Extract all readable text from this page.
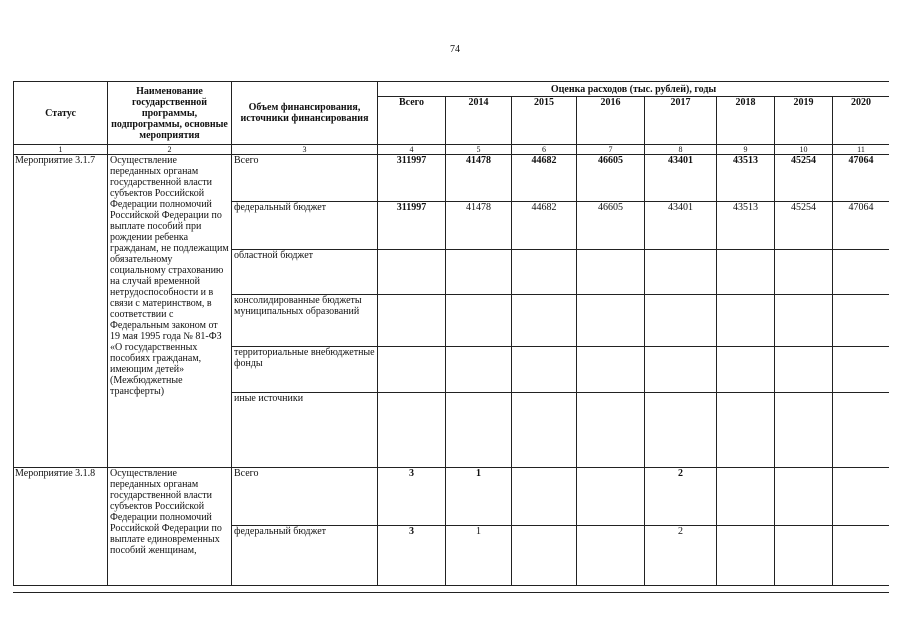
74
Статус	Наименование государственной программы, подпрограммы, основные мероприятия	Объем финансирования, источники финансирования	Оценка расходов (тыс. рублей), годы							
			Всего	2014	2015	2016	2017	2018	2019	2020
1	2	3	4	5	6	7	8	9	10	11
Мероприятие 3.1.7	Осуществление переданных органам государственной власти субъектов Российской Федерации полномочий Российской Федерации по выплате пособий при рождении ребенка гражданам, не подлежащим обязательному социальному страхованию на случай временной нетрудоспособности и в связи с материнством, в соответствии с Федеральным законом от 19 мая 1995 года № 81-ФЗ «О государственных пособиях гражданам, имеющим детей» (Межбюджетные трансферты)	Всего	311997	41478	44682	46605	43401	43513	45254	47064
		федеральный бюджет	311997	41478	44682	46605	43401	43513	45254	47064
		областной бюджет								
		консолидированные бюджеты муниципальных образований								
		территориальные внебюджетные фонды								
		иные источники								
Мероприятие 3.1.8	Осуществление переданных органам государственной власти субъектов Российской Федерации полномочий Российской Федерации по выплате единовременных пособий женщинам,	Всего	3	1			2			
		федеральный бюджет	3	1			2			
